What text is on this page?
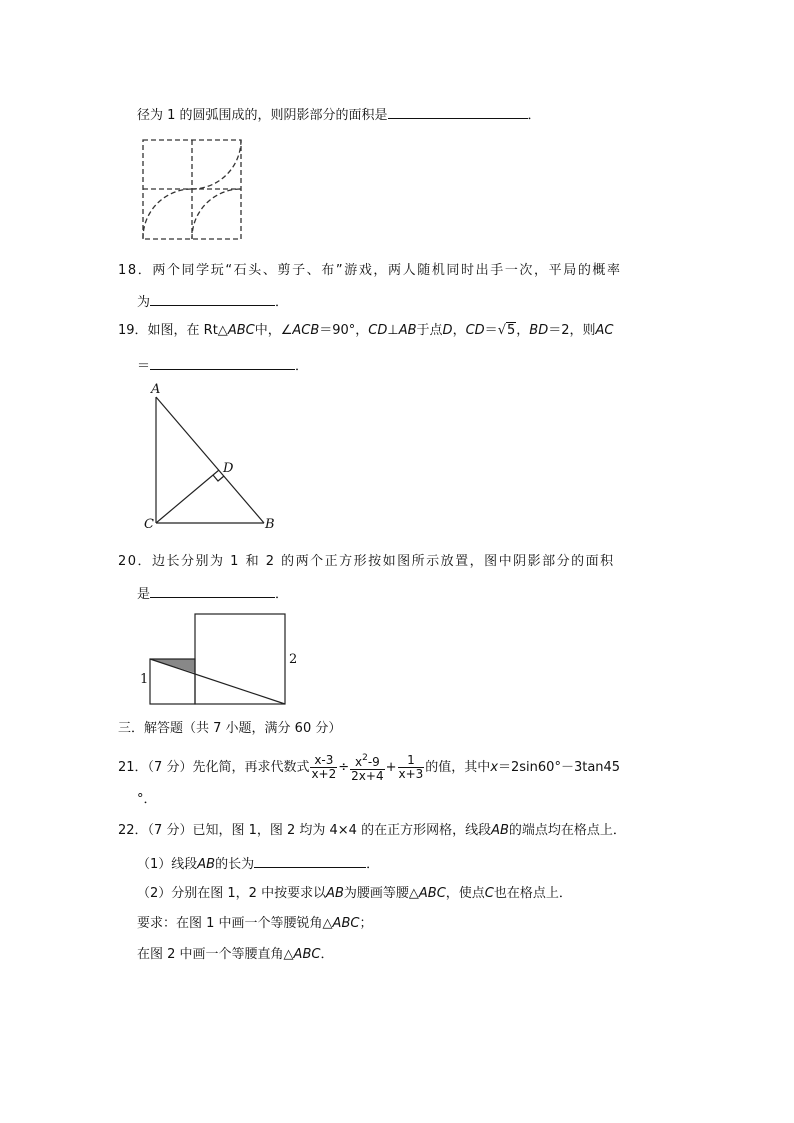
径为 1 的圆弧围成的，则阴影部分的面积是	．
18．两个同学玩“石头、剪子、布”游戏，两人随机同时出手一次，平局的概率
为	．
19．如图，在 Rt△ABC中，∠ACB＝90°，CD⊥AB于点D，CD＝√5，BD＝2，则AC
＝	．
A
D
C	B
20．边长分别为 1 和 2 的两个正方形按如图所示放置，图中阴影部分的面积
是	．
1
2
三．解答题（共 7 小题，满分 60 分）
21．（7 分）先化简，再求代数式 $\frac{x-3}{x+2} \div \frac{x^2-9}{2x+4} + \frac{1}{x+3}$ 的值，其中x＝2sin60°－3tan45
°．
22．（7 分）已知，图 1，图 2 均为 4×4 的在正方形网格，线段AB的端点均在格点上．
（1）线段AB的长为	．
（2）分别在图 1，2 中按要求以AB为腰画等腰△ABC，使点C也在格点上．
要求：在图 1 中画一个等腰锐角△ABC；
在图 2 中画一个等腰直角△ABC．
